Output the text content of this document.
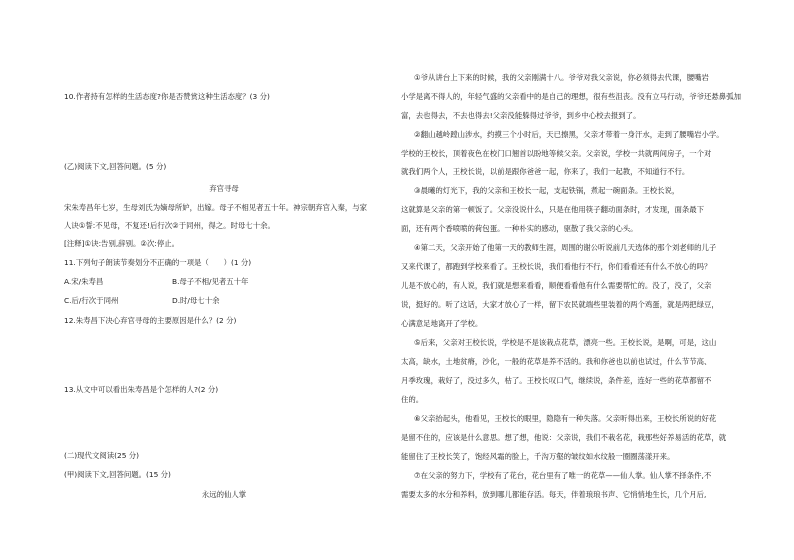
10.作者持有怎样的生活态度?你是否赞赏这种生活态度？(3 分)
(乙)阅读下文,回答问题。(5 分)
弃官寻母
宋朱寿昌年七岁，生母刘氏为嫡母所妒，出嫁。母子不相见者五十年。神宗朝弃官入秦，与家
人诀①誓:不见母，不复还!后行次②于同州，得之。时母七十余。
[注释]①诀:告别,辞别。②次:停止。
11.下列句子朗读节奏划分不正确的一项是（　　）(1 分)
A.宋/朱寿昌	B.母子不相/见者五十年
C.后/行次于同州	D.时/母七十余
12.朱寿昌下决心弃官寻母的主要原因是什么？(2 分)
13.从文中可以看出朱寿昌是个怎样的人?(2 分)
(二)现代文阅读(25 分)
(甲)阅读下文,回答问题。(15 分)
永远的仙人掌
①爷从讲台上下来的时候，我的父亲刚满十八。爷爷对我父亲说，你必须得去代课，腰嘴岩
小学是离不得人的，年轻气盛的父亲看中的是自己的理想，很有些沮丧。没有立马行动，爷爷还悬鼻弧加
富，去也得去，不去也得去!父亲没能躲得过爷爷，到乡中心校去报到了。
②翻山越岭蹚山涉水，约摸三个小时后，天已擦黑，父亲才带着一身汗水，走到了腰嘴岩小学。
学校的王校长，顶着夜色在校门口翘首以盼地等候父亲。父亲说，学校一共就两间房子，一个对
就我们两个人，王校长说，以前是跟你爸爸一起，你来了，我们一起教，不知道行不行。
③晨曦的灯光下，我的父亲和王校长一起，支起铁锅，煮起一碗面条。王校长说，
这就算是父亲的第一顿饭了。父亲没说什么，只是在他用筷子翻动面条时，才发现，面条最下
面，还有两个香喷喷的荷包蛋。一种朴实的感动，驱散了我父亲的心头。
④第二天，父亲开始了他第一天的教师生涯，周围的谢公听说前几天选体的那个刘老师的儿子
又来代课了，都跑到学校来看了。王校长说，我们看他行不行，你们看看还有什么不放心的吗？
儿是不放心的，有人说，我们就是想来看看，顺便看看他有什么需要帮忙的。没了，没了，父亲
说，挺好的。听了这话，大家才放心了一样，留下农民就端些里装着的两个鸡蛋，就是两把绿豆，
心满意足地离开了学校。
⑤后来，父亲对王校长说，学校是不是该栽点花草，漂亮一些。王校长说，是啊，可是，这山
太高，缺水，土地贫瘠，沙化，一般的花草是养不活的。我和你爸也以前也试过，什么节节高、
月季玫瑰，栽好了，没过多久，枯了。王校长叹口气，继续说，条件差，连好一些的花草都留不
住的。
⑥父亲抬起头，他看见，王校长的眼里，隐隐有一种失落。父亲听得出来，王校长所说的好花
是留不住的，应该是什么意思。想了想，他说：父亲说，我们不栽名花，栽那些好养易活的花草，就
能留住了王校长笑了，饱经风霜的脸上，千沟万壑的皱纹如水纹般一圈圈荡漾开来。
⑦在父亲的努力下，学校有了花台，花台里有了唯一的花草——仙人掌。仙人掌不择条件,不
需要太多的水分和养料，放到哪儿都能存活。每天，伴着琅琅书声、它悄悄地生长，几个月后,
